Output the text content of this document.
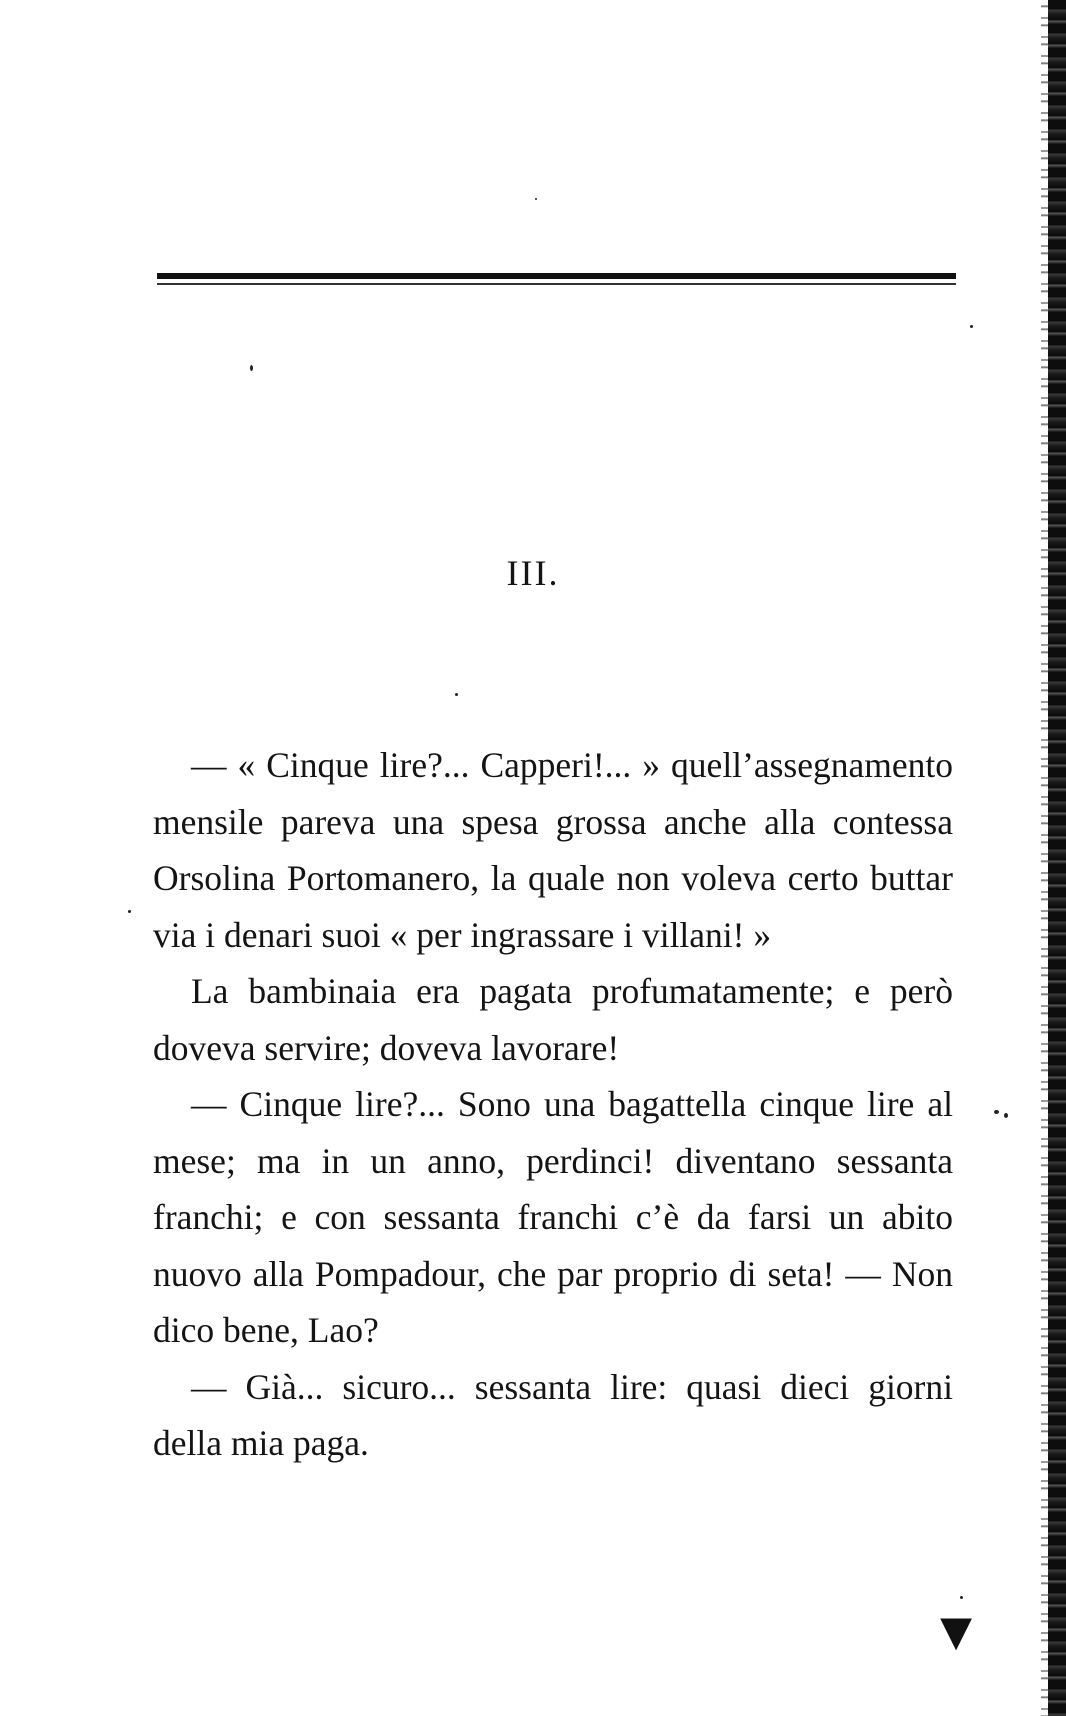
III.

— « Cinque lire?... Capperi!... » quell’assegnamento mensile pareva una spesa grossa anche alla contessa Orsolina Portomanero, la quale non voleva certo buttar via i denari suoi « per ingrassare i villani! »

La bambinaia era pagata profumatamente; e però doveva servire; doveva lavorare!

— Cinque lire?... Sono una bagattella cinque lire al mese; ma in un anno, perdinci! diventano sessanta franchi; e con sessanta franchi c’è da farsi un abito nuovo alla Pompadour, che par proprio di seta! — Non dico bene, Lao?

— Già... sicuro... sessanta lire: quasi dieci giorni della mia paga.

▾
